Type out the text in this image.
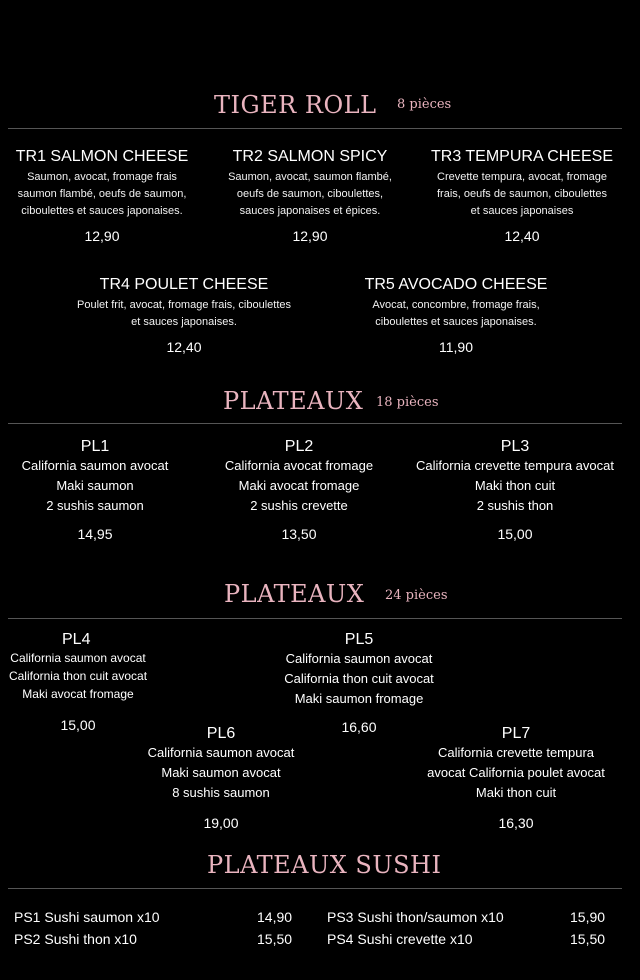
TIGER ROLL 8 pièces
TR1 SALMON CHEESE
Saumon, avocat, fromage frais
saumon flambé, oeufs de saumon,
ciboulettes et sauces japonaises.
12,90
TR2 SALMON SPICY
Saumon, avocat, saumon flambé,
oeufs de saumon, ciboulettes,
sauces japonaises et épices.
12,90
TR3 TEMPURA CHEESE
Crevette tempura, avocat, fromage
frais, oeufs de saumon, ciboulettes
et sauces japonaises
12,40
TR4 POULET CHEESE
Poulet frit, avocat, fromage frais, ciboulettes
et sauces japonaises.
12,40
TR5 AVOCADO CHEESE
Avocat, concombre, fromage frais,
ciboulettes et sauces japonaises.
11,90
PLATEAUX 18 pièces
PL1
California saumon avocat
Maki saumon
2 sushis saumon
14,95
PL2
California avocat fromage
Maki avocat fromage
2 sushis crevette
13,50
PL3
California crevette tempura avocat
Maki thon cuit
2 sushis thon
15,00
PLATEAUX 24 pièces
PL4
California saumon avocat
California thon cuit avocat
Maki avocat fromage
15,00
PL5
California saumon avocat
California thon cuit avocat
Maki saumon fromage
16,60
PL6
California saumon avocat
Maki saumon avocat
8 sushis saumon
19,00
PL7
California crevette tempura
avocat California poulet avocat
Maki thon cuit
16,30
PLATEAUX SUSHI
PS1 Sushi saumon x10	14,90
PS2 Sushi thon x10	15,50
PS3 Sushi thon/saumon x10	15,90
PS4 Sushi crevette x10	15,50
